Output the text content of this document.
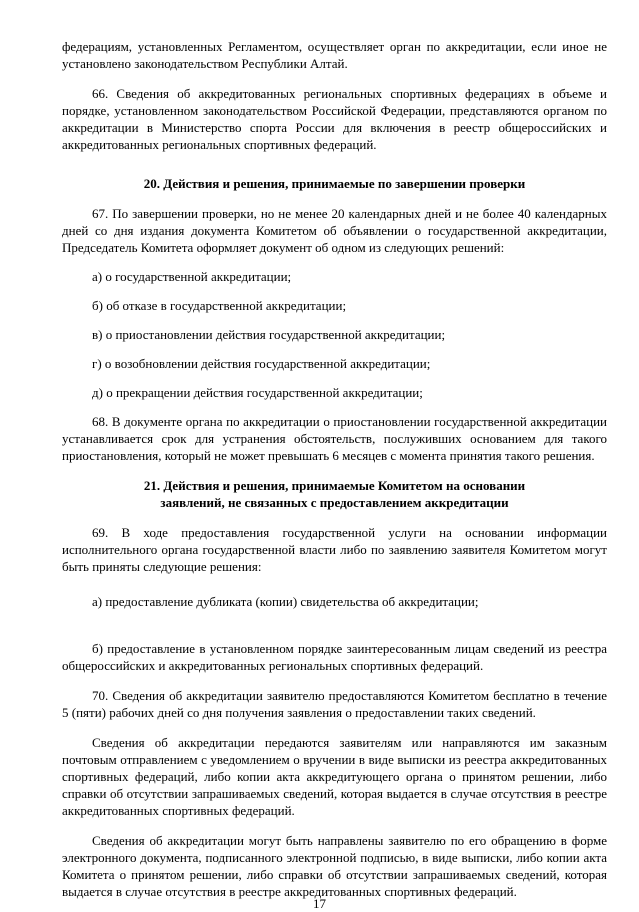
федерациям, установленных Регламентом, осуществляет орган по аккредитации, если иное не установлено законодательством Республики Алтай.

66. Сведения об аккредитованных региональных спортивных федерациях в объеме и порядке, установленном законодательством Российской Федерации, представляются органом по аккредитации в Министерство спорта России для включения в реестр общероссийских и аккредитованных региональных спортивных федераций.

20. Действия и решения, принимаемые по завершении проверки

67. По завершении проверки, но не менее 20 календарных дней и не более 40 календарных дней со дня издания документа Комитетом об объявлении о государственной аккредитации, Председатель Комитета оформляет документ об одном из следующих решений:

а) о государственной аккредитации;

б) об отказе в государственной аккредитации;

в) о приостановлении действия государственной аккредитации;

г) о возобновлении действия государственной аккредитации;

д) о прекращении действия государственной аккредитации;

68. В документе органа по аккредитации о приостановлении государственной аккредитации устанавливается срок для устранения обстоятельств, послуживших основанием для такого приостановления, который не может превышать 6 месяцев с момента принятия такого решения.

21. Действия и решения, принимаемые Комитетом на основании

заявлений, не связанных с предоставлением аккредитации

69. В ходе предоставления государственной услуги на основании информации исполнительного органа государственной власти либо по заявлению заявителя Комитетом могут быть приняты следующие решения:

а) предоставление дубликата (копии) свидетельства об аккредитации;

б) предоставление в установленном порядке заинтересованным лицам сведений из реестра общероссийских и аккредитованных региональных спортивных федераций.

70. Сведения об аккредитации заявителю предоставляются Комитетом бесплатно в течение 5 (пяти) рабочих дней со дня получения заявления о предоставлении таких сведений.

Сведения об аккредитации передаются заявителям или направляются им заказным почтовым отправлением с уведомлением о вручении в виде выписки из реестра аккредитованных спортивных федераций, либо копии акта аккредитующего органа о принятом решении, либо справки об отсутствии запрашиваемых сведений, которая выдается в случае отсутствия в реестре аккредитованных спортивных федераций.

Сведения об аккредитации могут быть направлены заявителю по его обращению в форме электронного документа, подписанного электронной подписью, в виде выписки, либо копии акта Комитета о принятом решении, либо справки об отсутствии запрашиваемых сведений, которая выдается в случае отсутствия в реестре аккредитованных спортивных федераций.

17
